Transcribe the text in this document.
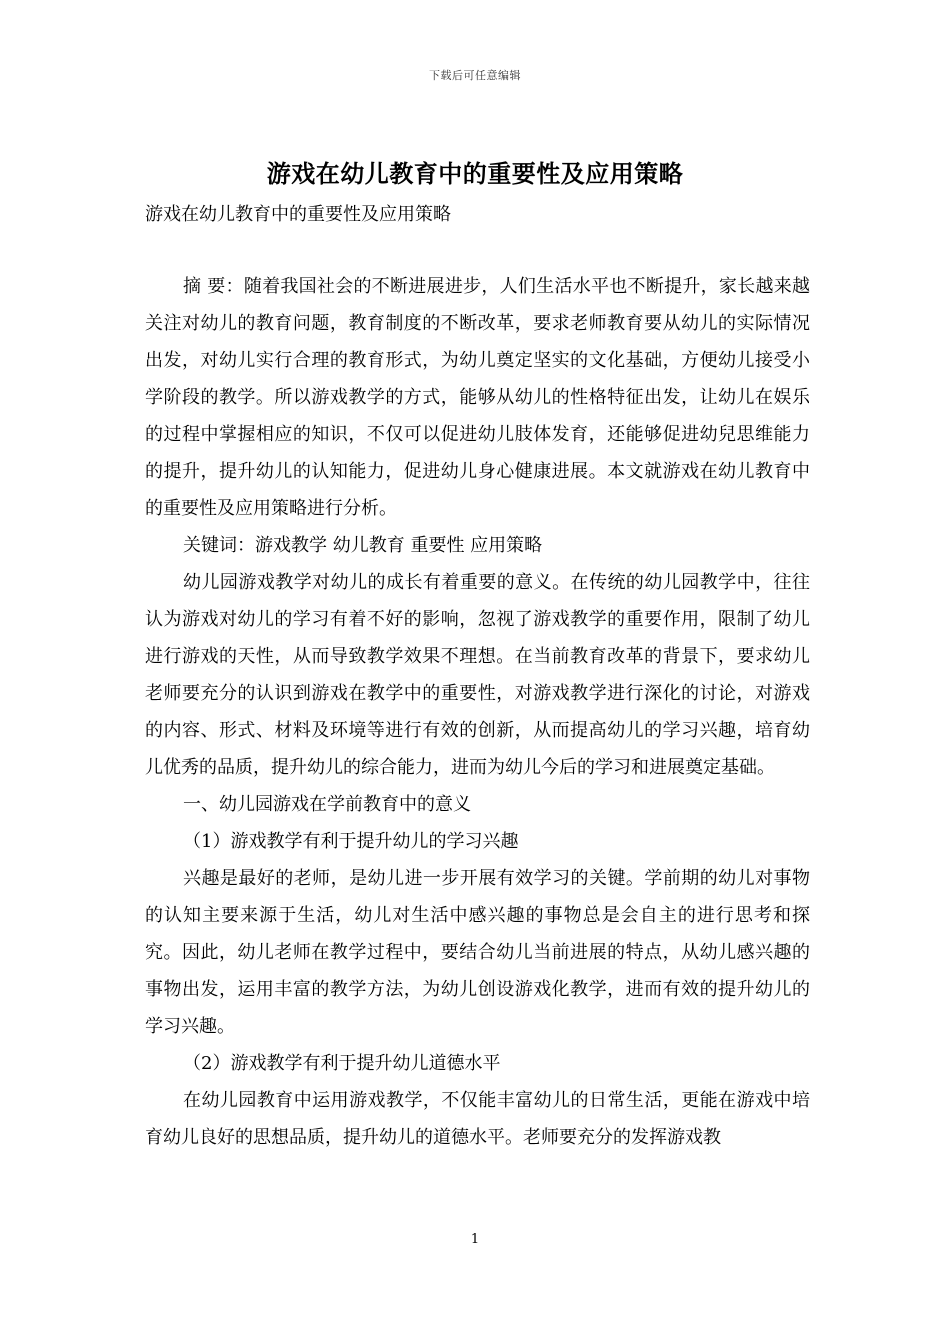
下载后可任意编辑
游戏在幼儿教育中的重要性及应用策略

游戏在幼儿教育中的重要性及应用策略

摘 要：随着我国社会的不断进展进步，人们生活水平也不断提升，家长越来越关注对幼儿的教育问题，教育制度的不断改革，要求老师教育要从幼儿的实际情况出发，对幼儿实行合理的教育形式，为幼儿奠定坚实的文化基础，方便幼儿接受小学阶段的教学。所以游戏教学的方式，能够从幼儿的性格特征出发，让幼儿在娱乐的过程中掌握相应的知识，不仅可以促进幼儿肢体发育，还能够促进幼兒思维能力的提升，提升幼儿的认知能力，促进幼儿身心健康进展。本文就游戏在幼儿教育中的重要性及应用策略进行分析。

关键词：游戏教学 幼儿教育 重要性 应用策略

幼儿园游戏教学对幼儿的成长有着重要的意义。在传统的幼儿园教学中，往往认为游戏对幼儿的学习有着不好的影响，忽视了游戏教学的重要作用，限制了幼儿进行游戏的天性，从而导致教学效果不理想。在当前教育改革的背景下，要求幼儿老师要充分的认识到游戏在教学中的重要性，对游戏教学进行深化的讨论，对游戏的内容、形式、材料及环境等进行有效的创新，从而提高幼儿的学习兴趣，培育幼儿优秀的品质，提升幼儿的综合能力，进而为幼儿今后的学习和进展奠定基础。

一、幼儿园游戏在学前教育中的意义

（1）游戏教学有利于提升幼儿的学习兴趣

兴趣是最好的老师，是幼儿进一步开展有效学习的关键。学前期的幼儿对事物的认知主要来源于生活，幼儿对生活中感兴趣的事物总是会自主的进行思考和探究。因此，幼儿老师在教学过程中，要结合幼儿当前进展的特点，从幼儿感兴趣的事物出发，运用丰富的教学方法，为幼儿创设游戏化教学，进而有效的提升幼儿的学习兴趣。

（2）游戏教学有利于提升幼儿道德水平

在幼儿园教育中运用游戏教学，不仅能丰富幼儿的日常生活，更能在游戏中培育幼儿良好的思想品质，提升幼儿的道德水平。老师要充分的发挥游戏教

1
